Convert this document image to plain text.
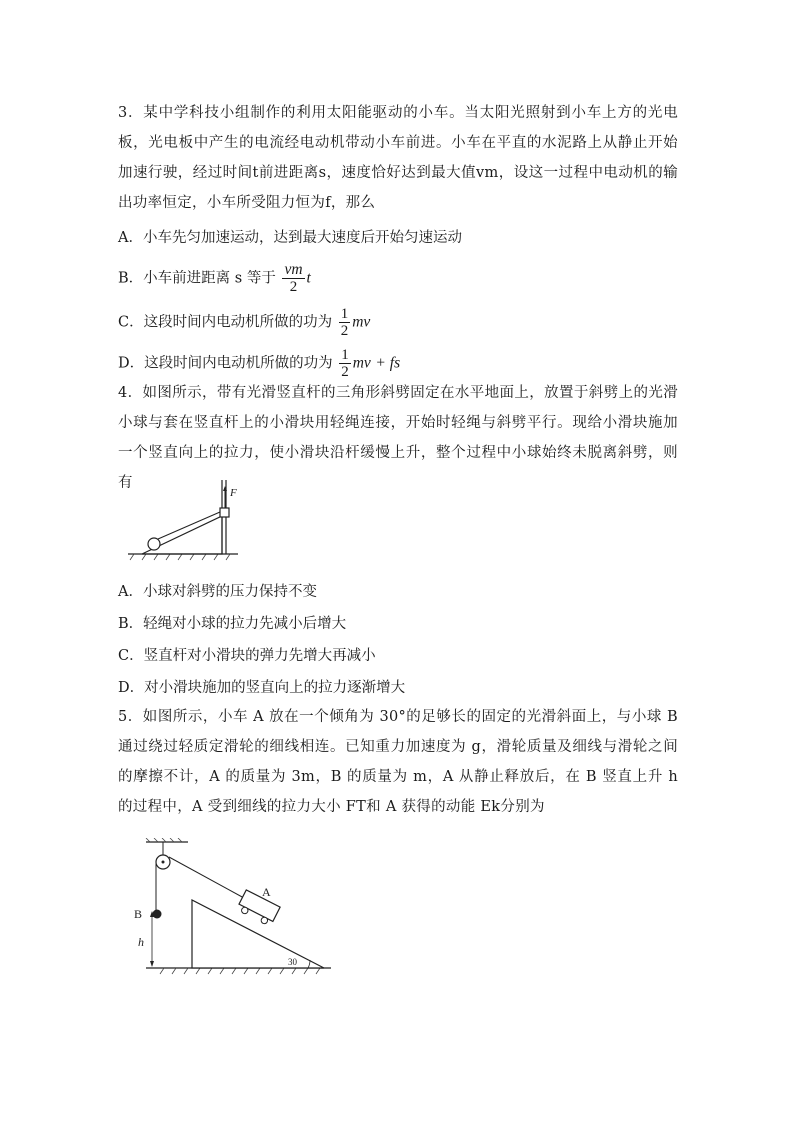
3．某中学科技小组制作的利用太阳能驱动的小车。当太阳光照射到小车上方的光电板，光电板中产生的电流经电动机带动小车前进。小车在平直的水泥路上从静止开始加速行驶，经过时间t前进距离s，速度恰好达到最大值vm，设这一过程中电动机的输出功率恒定，小车所受阻力恒为f，那么
A．小车先匀加速运动，达到最大速度后开始匀速运动
B．小车前进距离 s 等于 $\frac{vm}{2}$ t
C．这段时间内电动机所做的功为 $\frac{1}{2}$ mv
D．这段时间内电动机所做的功为 $\frac{1}{2}$ mv + fs
4．如图所示，带有光滑竖直杆的三角形斜劈固定在水平地面上，放置于斜劈上的光滑小球与套在竖直杆上的小滑块用轻绳连接，开始时轻绳与斜劈平行。现给小滑块施加一个竖直向上的拉力，使小滑块沿杆缓慢上升，整个过程中小球始终未脱离斜劈，则有
F
A．小球对斜劈的压力保持不变
B．轻绳对小球的拉力先减小后增大
C．竖直杆对小滑块的弹力先增大再减小
D．对小滑块施加的竖直向上的拉力逐渐增大
5．如图所示，小车 A 放在一个倾角为 30°的足够长的固定的光滑斜面上，与小球 B 通过绕过轻质定滑轮的细线相连。已知重力加速度为 g，滑轮质量及细线与滑轮之间的摩擦不计，A 的质量为 3m，B 的质量为 m，A 从静止释放后，在 B 竖直上升 h 的过程中，A 受到细线的拉力大小 FT和 A 获得的动能 Ek分别为
B
h
A
30
